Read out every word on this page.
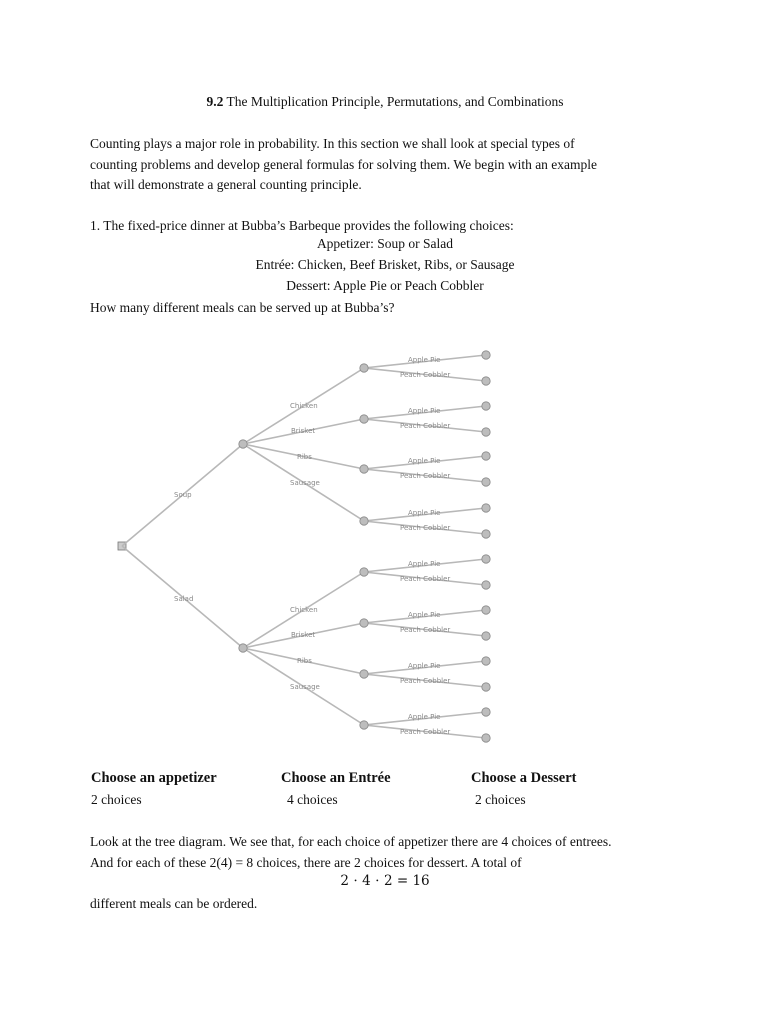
9.2 The Multiplication Principle, Permutations, and Combinations
Counting plays a major role in probability. In this section we shall look at special types of
counting problems and develop general formulas for solving them. We begin with an example
that will demonstrate a general counting principle.
1. The fixed-price dinner at Bubba’s Barbeque provides the following choices:
Appetizer: Soup or Salad
Entrée: Chicken, Beef Brisket, Ribs, or Sausage
Dessert: Apple Pie or Peach Cobbler
How many different meals can be served up at Bubba’s?
Soup
Chicken
Apple Pie
Peach Cobbler
Brisket
Apple Pie
Peach Cobbler
Ribs	Apple Pie
Peach Cobbler
Sausage
Apple Pie
Peach Cobbler
Salad
Chicken
Apple Pie
Peach Cobbler
Brisket
Apple Pie
Peach Cobbler
Ribs
Apple Pie
Peach Cobbler
Sausage
Apple Pie
Peach Cobbler
Choose an appetizer	Choose an Entrée	Choose a Dessert
2 choices	4 choices	2 choices
Look at the tree diagram. We see that, for each choice of appetizer there are 4 choices of entrees.
And for each of these 2(4) = 8 choices, there are 2 choices for dessert. A total of
2 ⋅ 4 ⋅ 2 = 16
different meals can be ordered.
